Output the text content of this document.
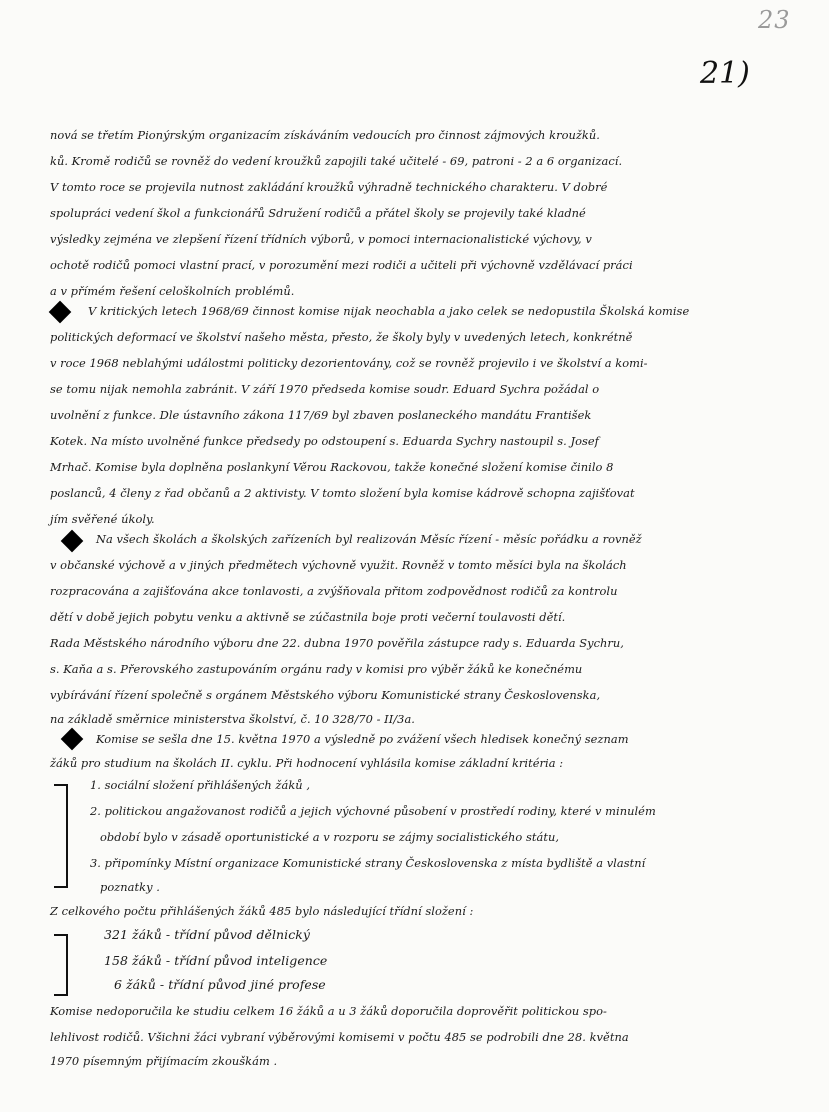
23
21)
nová se třetím Pionýrským organizacím získáváním vedoucích pro činnost zájmových kroužků.
ků. Kromě rodičů se rovněž do vedení kroužků zapojili také učitelé - 69, patroni - 2 a 6 organizací.
V tomto roce se projevila nutnost zakládání kroužků výhradně technického charakteru. V dobré
spolupráci vedení škol a funkcionářů Sdružení rodičů a přátel školy se projevily také kladné
výsledky zejména ve zlepšení řízení třídních výborů, v pomoci internacionalistické výchovy, v
ochotě rodičů pomoci vlastní prací, v porozumění mezi rodiči a učiteli při výchovně vzdělávací práci
a v přímém řešení celoškolních problémů.
V kritických letech 1968/69 činnost komise nijak neochabla a jako celek se nedopustila Školská komise
politických deformací ve školství našeho města, přesto, že školy byly v uvedených letech, konkrétně
v roce 1968 neblahými událostmi politicky dezorientovány, což se rovněž projevilo i ve školství a komi-
se tomu nijak nemohla zabránit. V září 1970 předseda komise soudr. Eduard Sychra požádal o
uvolnění z funkce. Dle ústavního zákona 117/69 byl zbaven poslaneckého mandátu František
Kotek. Na místo uvolněné funkce předsedy po odstoupení s. Eduarda Sychry nastoupil s. Josef
Mrhač. Komise byla doplněna poslankyní Věrou Rackovou, takže konečné složení komise činilo 8
poslanců, 4 členy z řad občanů a 2 aktivisty. V tomto složení byla komise kádrově schopna zajišťovat
jím svěřené úkoly.
Na všech školách a školských zařízeních byl realizován Měsíc řízení - měsíc pořádku a rovněž
v občanské výchově a v jiných předmětech výchovně využit. Rovněž v tomto měsíci byla na školách
rozpracována a zajišťována akce tonlavosti, a zvýšňovala přitom zodpovědnost rodičů za kontrolu
dětí v době jejich pobytu venku a aktivně se zúčastnila boje proti večerní toulavosti dětí.
Rada Městského národního výboru dne 22. dubna 1970 pověřila zástupce rady s. Eduarda Sychru,
s. Kaňa a s. Přerovského zastupováním orgánu rady v komisi pro výběr žáků ke konečnému
vybírávání řízení společně s orgánem Městského výboru Komunistické strany Československa,
na základě směrnice ministerstva školství, č. 10 328/70 - II/3a.
Komise se sešla dne 15. května 1970 a výsledně po zvážení všech hledisek konečný seznam
žáků pro studium na školách II. cyklu. Při hodnocení vyhlásila komise základní kritéria :
1. sociální složení přihlášených žáků ,
2. politickou angažovanost rodičů a jejich výchovné působení v prostředí rodiny, které v minulém
období bylo v zásadě oportunistické a v rozporu se zájmy socialistického státu,
3. připomínky Místní organizace Komunistické strany Československa z místa bydliště a vlastní
poznatky .
Z celkového počtu přihlášených žáků 485 bylo následující třídní složení :
321 žáků - třídní původ dělnický
158 žáků - třídní původ inteligence
6 žáků - třídní původ jiné profese
Komise nedoporučila ke studiu celkem 16 žáků a u 3 žáků doporučila doprověřit politickou spo-
lehlivost rodičů. Všichni žáci vybraní výběrovými komisemi v počtu 485 se podrobili dne 28. května
1970 písemným přijímacím zkouškám .
